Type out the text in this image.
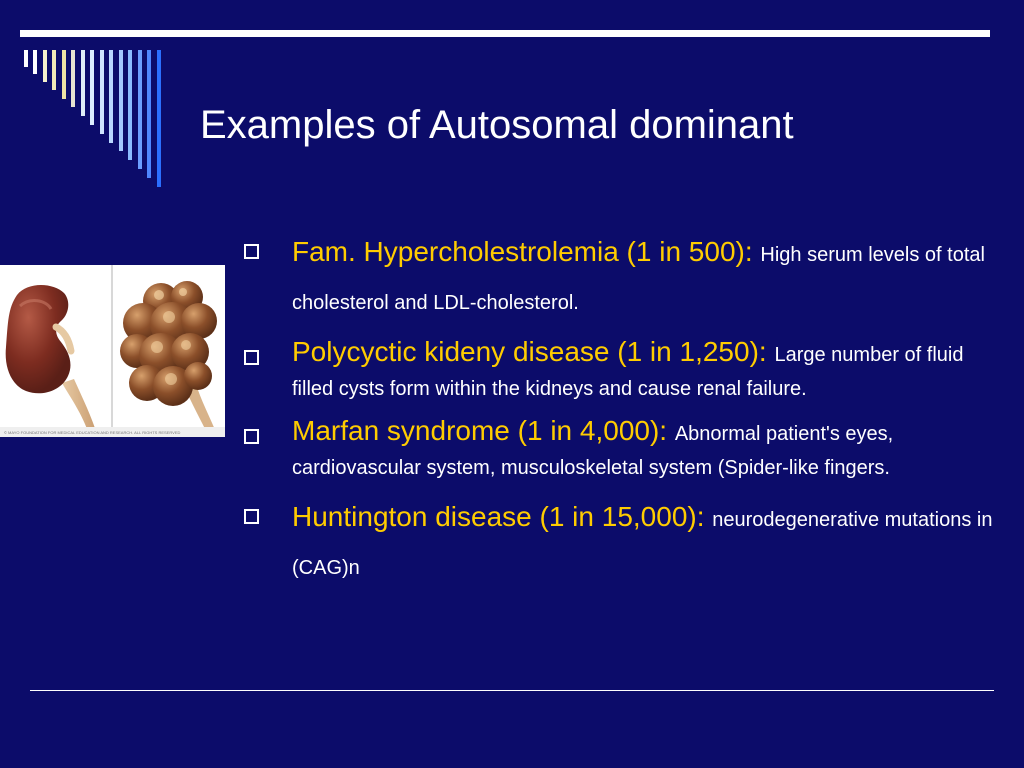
Examples of Autosomal dominant
Fam. Hypercholestrolemia (1 in 500): High serum levels of total cholesterol and LDL-cholesterol.
Polycyctic kideny disease (1 in 1,250): Large number of fluid filled cysts form within the kidneys and cause renal failure.
Marfan syndrome (1 in 4,000): Abnormal patient's eyes, cardiovascular system, musculoskeletal system (Spider-like fingers.
Huntington disease (1 in 15,000): neurodegenerative mutations in (CAG)n
© MAYO FOUNDATION FOR MEDICAL EDUCATION AND RESEARCH. ALL RIGHTS RESERVED
